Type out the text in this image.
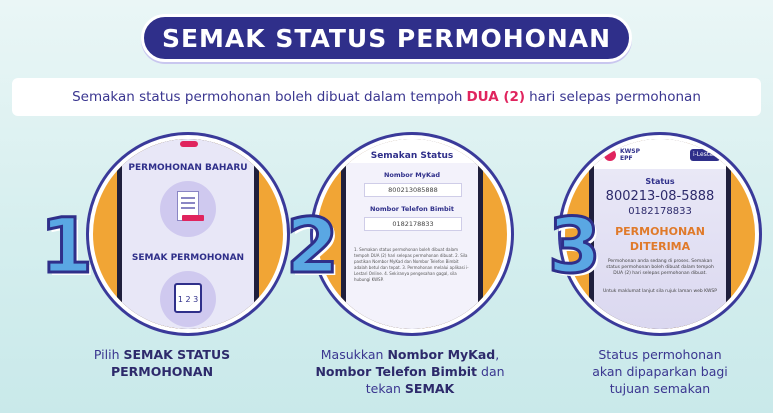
SEMAK STATUS PERMOHONAN
Semakan status permohonan boleh dibuat dalam tempoh DUA (2) hari selepas permohonan
PERMOHONAN BAHARU
SEMAK PERMOHONAN
1 2 3
1
Pilih SEMAK STATUS PERMOHONAN
Semakan Status
Nombor MyKad
800213085888
Nombor Telefon Bimbit
0182178833
1. Semakan status permohonan boleh dibuat dalam tempoh DUA (2) hari selepas permohonan dibuat. 2. Sila pastikan Nombor MyKad dan Nombor Telefon Bimbit adalah betul dan tepat. 3. Permohonan melalui aplikasi i-Lestari Online. 4. Sekiranya pengesahan gagal, sila hubungi KWSP.
2
Masukkan Nombor MyKad, Nombor Telefon Bimbit dan tekan SEMAK
KWSP
EPF
i-Lestari
Status
800213-08-5888
0182178833
PERMOHONAN
DITERIMA
Permohonan anda sedang di proses. Semakan status permohonan boleh dibuat dalam tempoh DUA (2) hari selepas permohonan dibuat.
Untuk maklumat lanjut sila rujuk laman web KWSP
3
Status permohonan akan dipaparkan bagi tujuan semakan
